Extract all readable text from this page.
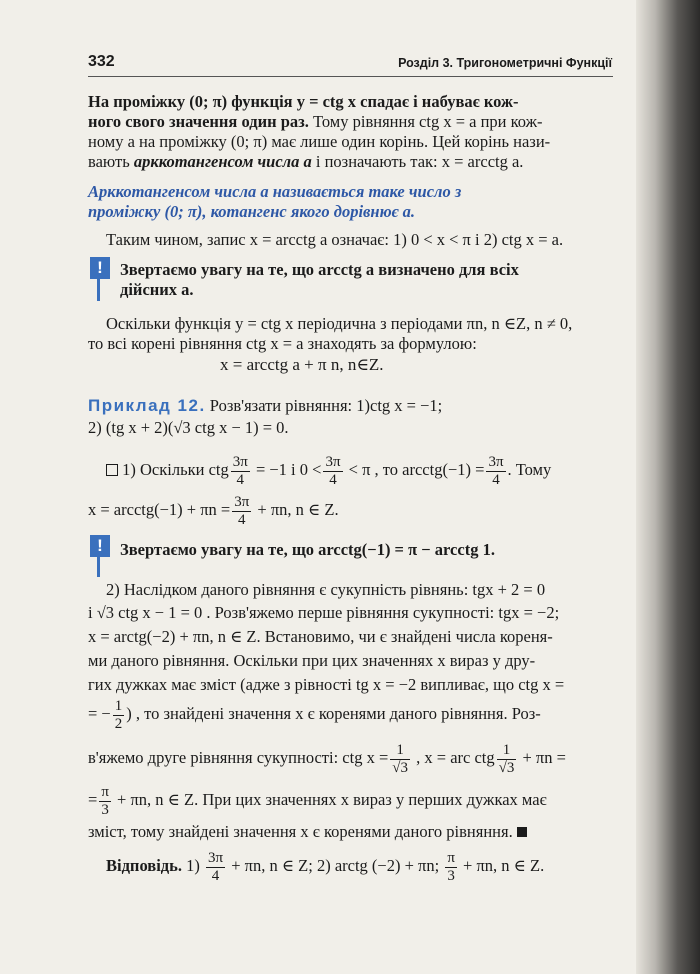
332	Розділ 3. Тригонометричні Функції
На проміжку (0; π) функція y = ctg x спадає і набуває кож-
ного свого значення один раз. Тому рівняння ctg x = a при кож-
ному a на проміжку (0; π) має лише один корінь. Цей корінь нази-
вають арккотангенсом числа a і позначають так: x = arcctg a.
Арккотангенсом числа a називається таке число з
проміжку (0; π), котангенс якого дорівнює a.
Таким чином, запис x = arcctg a означає: 1) 0 < x < π і 2) ctg x = a.
!	Звертаємо увагу на те, що arcctg a визначено для всіх
дійсних a.
Оскільки функція y = ctg x періодична з періодами πn, n ∈Z, n ≠ 0,
то всі корені рівняння ctg x = a знаходять за формулою:
x = arcctg a + π n, n∈Z.
Приклад 12. Розв'язати рівняння: 1)ctg x = −1;
2) (tg x + 2)(√3 ctg x − 1) = 0.
1) Оскільки ctg $\frac{3\pi}{4} = -1$ і $0 < \frac{3\pi}{4} < \pi$ , то arcctg(−1) = $\frac{3\pi}{4}$ . Тому
x = arcctg(−1) + $\pi n = \frac{3\pi}{4} + \pi n$, n ∈ Z.
!	Звертаємо увагу на те, що arcctg(−1) = π − arcctg 1.
2) Наслідком даного рівняння є сукупність рівнянь: tgx + 2 = 0
і √3 ctg x − 1 = 0 . Розв'яжемо перше рівняння сукупності: tgx = −2;
x = arctg(−2) + πn, n ∈ Z. Встановимо, чи є знайдені числа кореня-
ми даного рівняння. Оскільки при цих значеннях x вираз у дру-
гих дужках має зміст (адже з рівності tg x = −2 випливає, що ctg x =
= − $\frac{1}{2}$ ) , то знайдені значення x є коренями даного рівняння. Роз-
в'яжемо друге рівняння сукупності: ctg $x = \frac{1}{√3}$ , x = arc ctg $\frac{1}{√3} + \pi n$ =
= $\frac{\pi}{3} + \pi n$, n ∈ Z. При цих значеннях x вираз у перших дужках має
зміст, тому знайдені значення x є коренями даного рівняння.
Відповідь. $1) \frac{3\pi}{4} + \pi n$, n ∈ Z; 2) arctg (−2) + πn; $\frac{\pi}{3} + \pi n$, n ∈ Z.
